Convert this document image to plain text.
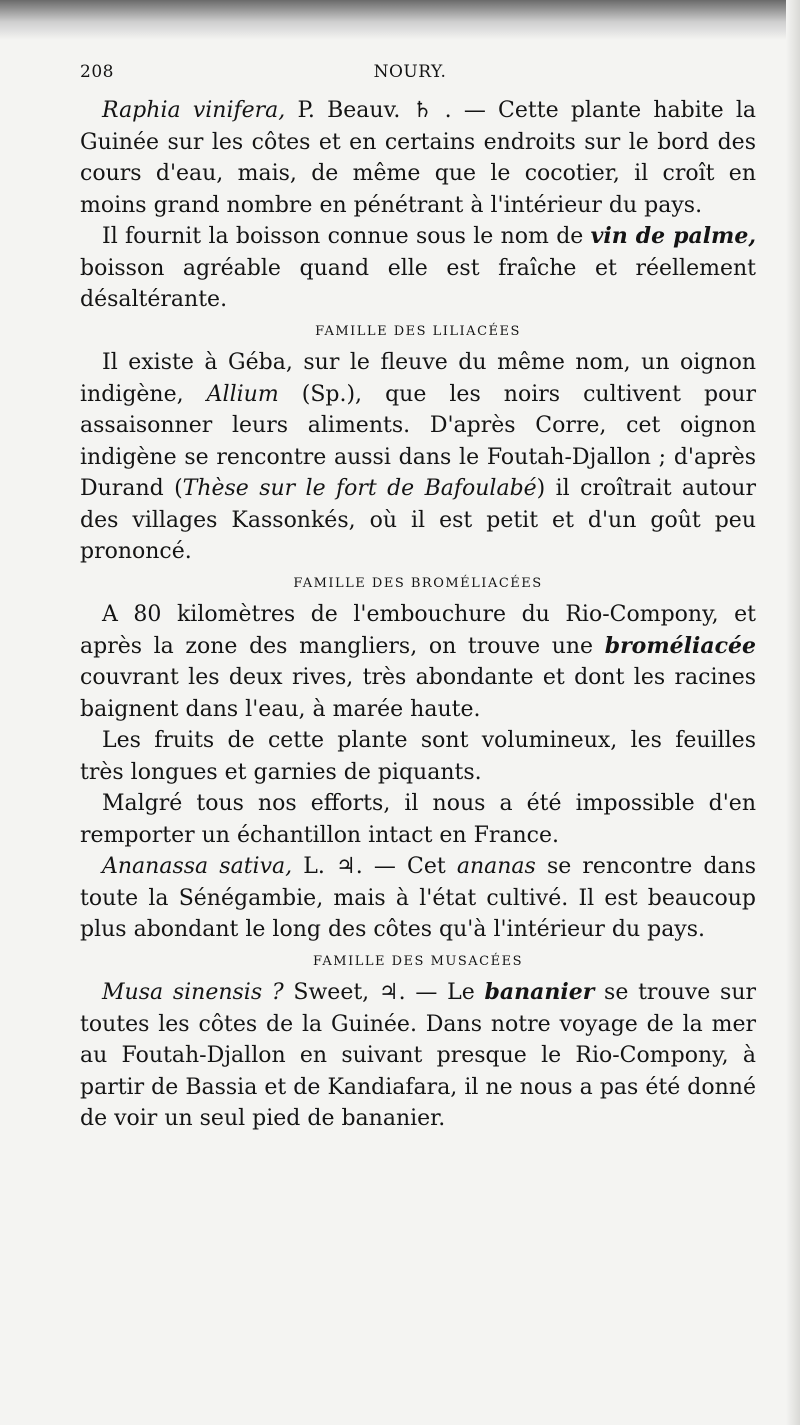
208	NOURY.

Raphia vinifera, P. Beauv. ♄ . — Cette plante habite la Guinée sur les côtes et en certains endroits sur le bord des cours d'eau, mais, de même que le cocotier, il croît en moins grand nombre en pénétrant à l'intérieur du pays.

Il fournit la boisson connue sous le nom de vin de palme, boisson agréable quand elle est fraîche et réellement désaltérante.

FAMILLE DES LILIACÉES

Il existe à Géba, sur le fleuve du même nom, un oignon indigène, Allium (Sp.), que les noirs cultivent pour assaisonner leurs aliments. D'après Corre, cet oignon indigène se rencontre aussi dans le Foutah-Djallon ; d'après Durand (Thèse sur le fort de Bafoulabé) il croîtrait autour des villages Kassonkés, où il est petit et d'un goût peu prononcé.

FAMILLE DES BROMÉLIACÉES

A 80 kilomètres de l'embouchure du Rio-Compony, et après la zone des mangliers, on trouve une broméliacée couvrant les deux rives, très abondante et dont les racines baignent dans l'eau, à marée haute.

Les fruits de cette plante sont volumineux, les feuilles très longues et garnies de piquants.

Malgré tous nos efforts, il nous a été impossible d'en remporter un échantillon intact en France.

Ananassa sativa, L. ♃. — Cet ananas se rencontre dans toute la Sénégambie, mais à l'état cultivé. Il est beaucoup plus abondant le long des côtes qu'à l'intérieur du pays.

FAMILLE DES MUSACÉES

Musa sinensis ? Sweet, ♃. — Le bananier se trouve sur toutes les côtes de la Guinée. Dans notre voyage de la mer au Foutah-Djallon en suivant presque le Rio-Compony, à partir de Bassia et de Kandiafara, il ne nous a pas été donné de voir un seul pied de bananier.
